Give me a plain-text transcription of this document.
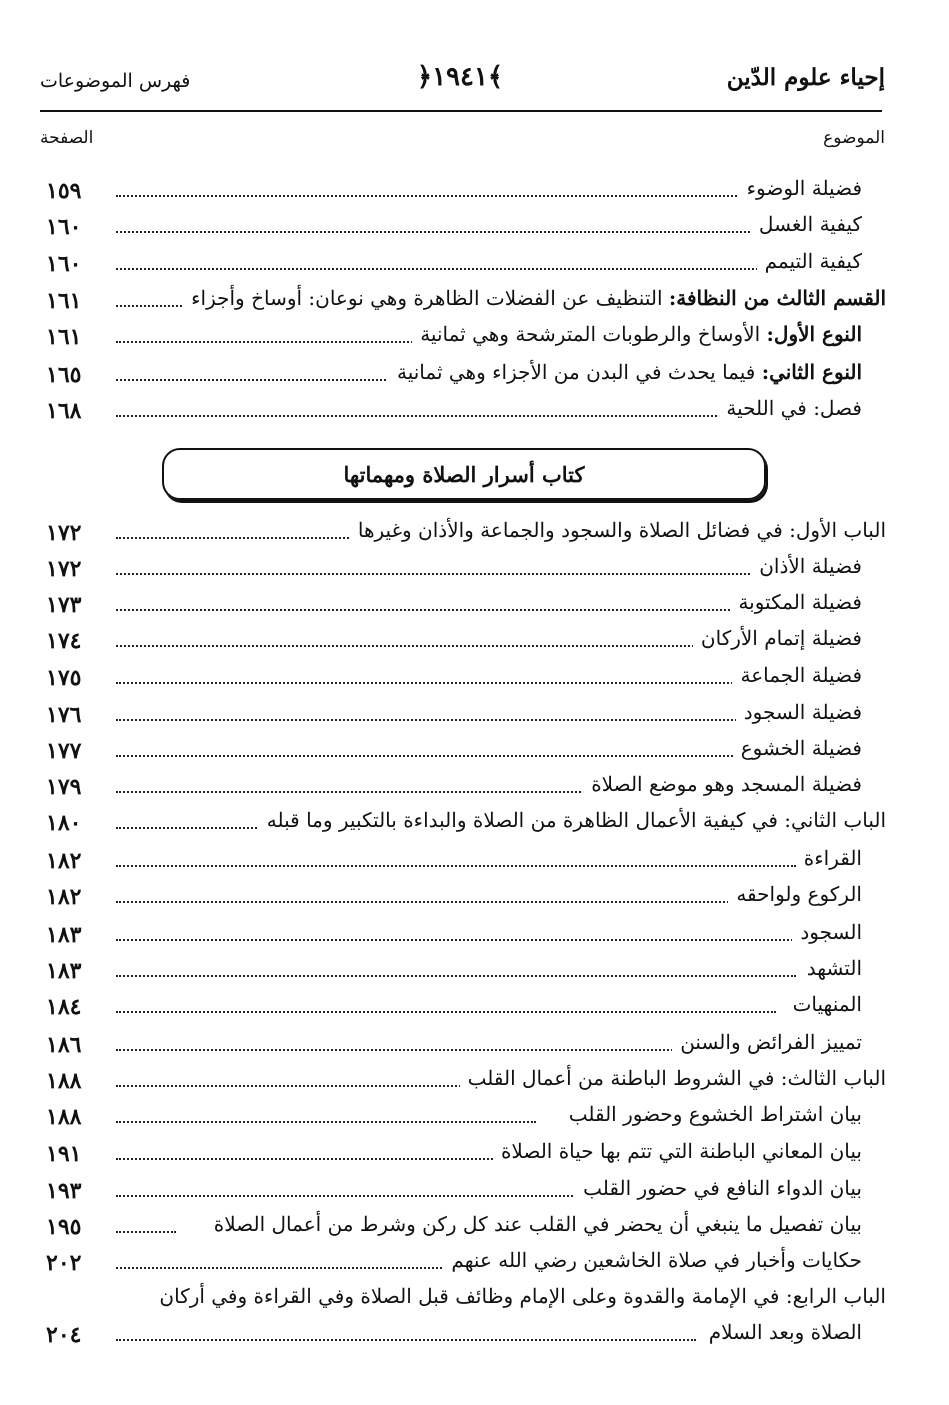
إحياء علوم الدّين
﴿١٩٤١﴾
فهرس الموضوعات
الموضوع
الصفحة
١٥٩	فضيلة الوضوء
١٦٠	كيفية الغسل
١٦٠	كيفية التيمم
١٦١	القسم الثالث من النظافة: التنظيف عن الفضلات الظاهرة وهي نوعان: أوساخ وأجزاء
١٦١	النوع الأول: الأوساخ والرطوبات المترشحة وهي ثمانية
١٦٥	النوع الثاني: فيما يحدث في البدن من الأجزاء وهي ثمانية
١٦٨	فصل: في اللحية
كتاب أسرار الصلاة ومهماتها
١٧٢	الباب الأول: في فضائل الصلاة والسجود والجماعة والأذان وغيرها
١٧٢	فضيلة الأذان
١٧٣	فضيلة المكتوبة
١٧٤	فضيلة إتمام الأركان
١٧٥	فضيلة الجماعة
١٧٦	فضيلة السجود
١٧٧	فضيلة الخشوع
١٧٩	فضيلة المسجد وهو موضع الصلاة
١٨٠	الباب الثاني: في كيفية الأعمال الظاهرة من الصلاة والبداءة بالتكبير وما قبله
١٨٢	القراءة
١٨٢	الركوع ولواحقه
١٨٣	السجود
١٨٣	التشهد
١٨٤	المنهيات
١٨٦	تمييز الفرائض والسنن
١٨٨	الباب الثالث: في الشروط الباطنة من أعمال القلب
١٨٨	بيان اشتراط الخشوع وحضور القلب
١٩١	بيان المعاني الباطنة التي تتم بها حياة الصلاة
١٩٣	بيان الدواء النافع في حضور القلب
١٩٥	بيان تفصيل ما ينبغي أن يحضر في القلب عند كل ركن وشرط من أعمال الصلاة
٢٠٢	حكايات وأخبار في صلاة الخاشعين رضي الله عنهم
الباب الرابع: في الإمامة والقدوة وعلى الإمام وظائف قبل الصلاة وفي القراءة وفي أركان
٢٠٤	الصلاة وبعد السلام
